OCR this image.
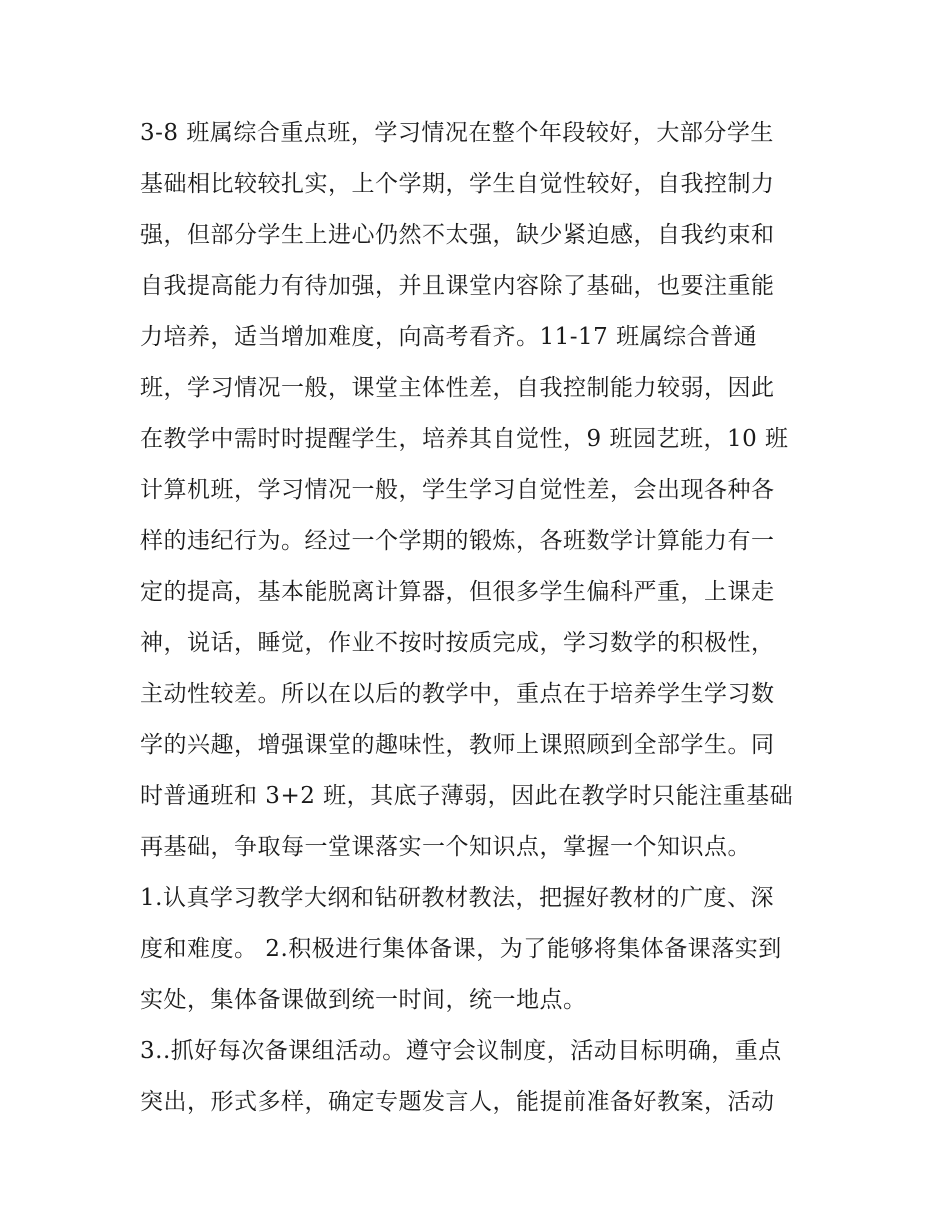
3-8 班属综合重点班，学习情况在整个年段较好，大部分学生
基础相比较较扎实，上个学期，学生自觉性较好，自我控制力
强，但部分学生上进心仍然不太强，缺少紧迫感，自我约束和
自我提高能力有待加强，并且课堂内容除了基础，也要注重能
力培养，适当增加难度，向高考看齐。11-17 班属综合普通
班，学习情况一般，课堂主体性差，自我控制能力较弱，因此
在教学中需时时提醒学生，培养其自觉性，9 班园艺班，10 班
计算机班，学习情况一般，学生学习自觉性差，会出现各种各
样的违纪行为。经过一个学期的锻炼，各班数学计算能力有一
定的提高，基本能脱离计算器，但很多学生偏科严重，上课走
神，说话，睡觉，作业不按时按质完成，学习数学的积极性，
主动性较差。所以在以后的教学中，重点在于培养学生学习数
学的兴趣，增强课堂的趣味性，教师上课照顾到全部学生。同
时普通班和 3+2 班，其底子薄弱，因此在教学时只能注重基础
再基础，争取每一堂课落实一个知识点，掌握一个知识点。
1.认真学习教学大纲和钻研教材教法，把握好教材的广度、深
度和难度。 2.积极进行集体备课，为了能够将集体备课落实到
实处，集体备课做到统一时间，统一地点。
3..抓好每次备课组活动。遵守会议制度，活动目标明确，重点
突出，形式多样，确定专题发言人，能提前准备好教案，活动
